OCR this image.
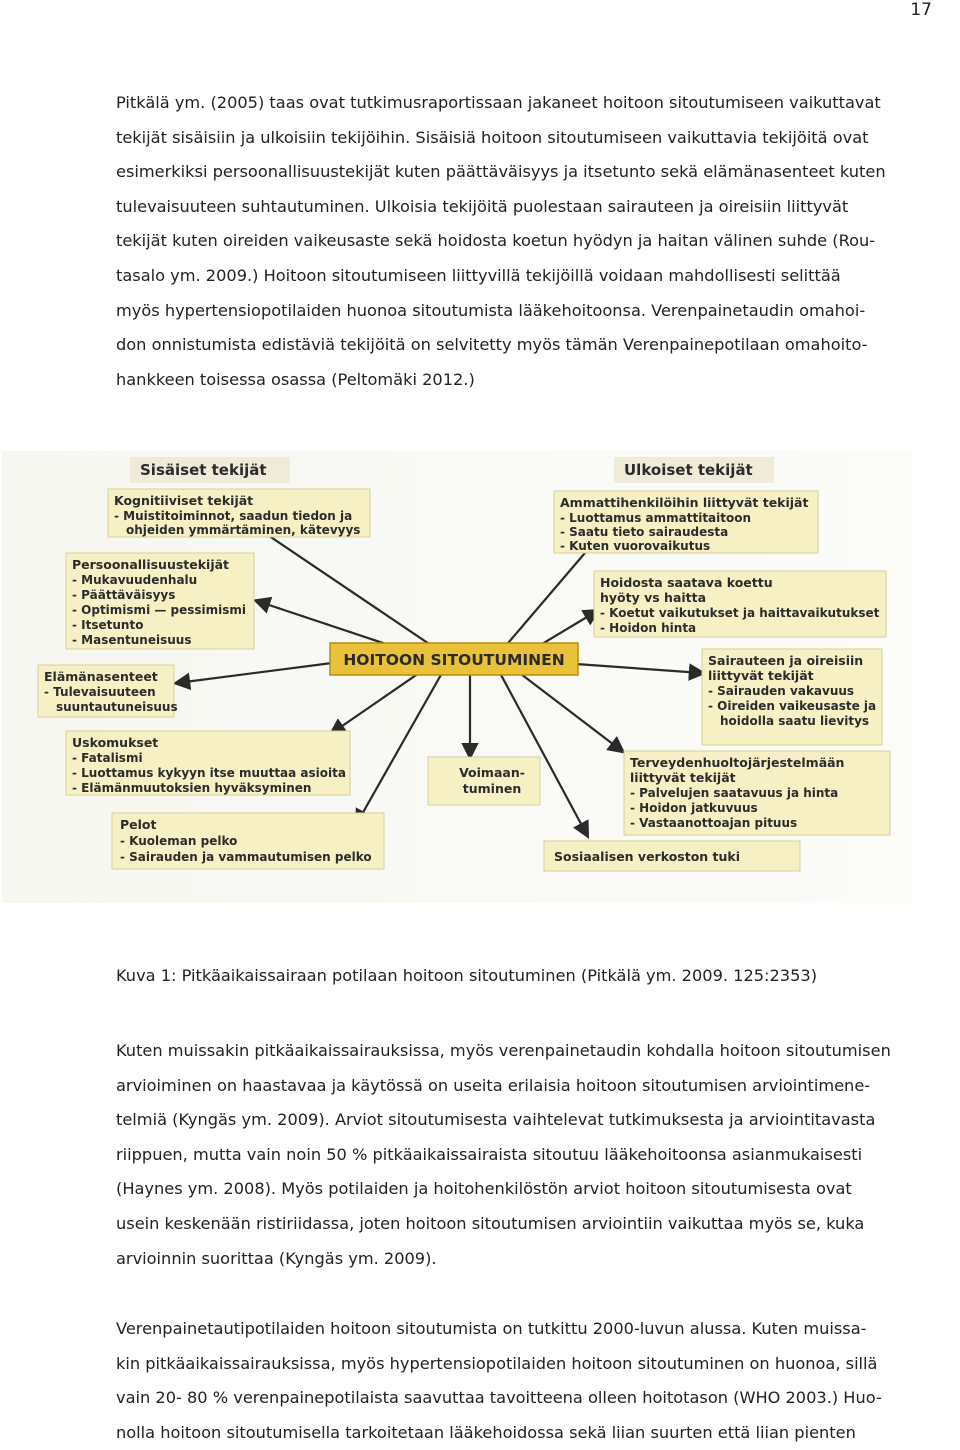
17

Pitkälä ym. (2005) taas ovat tutkimusraportissaan jakaneet hoitoon sitoutumiseen vaikuttavat
tekijät sisäisiin ja ulkoisiin tekijöihin. Sisäisiä hoitoon sitoutumiseen vaikuttavia tekijöitä ovat
esimerkiksi persoonallisuustekijät kuten päättäväisyys ja itsetunto sekä elämänasenteet kuten
tulevaisuuteen suhtautuminen. Ulkoisia tekijöitä puolestaan sairauteen ja oireisiin liittyvät
tekijät kuten oireiden vaikeusaste sekä hoidosta koetun hyödyn ja haitan välinen suhde (Rou-
tasalo ym. 2009.) Hoitoon sitoutumiseen liittyvillä tekijöillä voidaan mahdollisesti selittää
myös hypertensiopotilaiden huonoa sitoutumista lääkehoitoonsa. Verenpainetaudin omahoi-
don onnistumista edistäviä tekijöitä on selvitetty myös tämän Verenpainepotilaan omahoito-
hankkeen toisessa osassa (Peltomäki 2012.)

Sisäiset tekijät	Ulkoiset tekijät
HOITOON SITOUTUMINEN
Kognitiiviset tekijät
- Muistitoiminnot, saadun tiedon ja
ohjeiden ymmärtäminen, kätevyys
Persoonallisuustekijät
- Mukavuudenhalu
- Päättäväisyys
- Optimismi — pessimismi
- Itsetunto
- Masentuneisuus
Elämänasenteet
- Tulevaisuuteen
suuntautuneisuus
Uskomukset
- Fatalismi
- Luottamus kykyyn itse muuttaa asioita
- Elämänmuutoksien hyväksyminen
Pelot
- Kuoleman pelko
- Sairauden ja vammautumisen pelko
Voimaan-
tuminen
Ammattihenkilöihin liittyvät tekijät
- Luottamus ammattitaitoon
- Saatu tieto sairaudesta
- Kuten vuorovaikutus
Hoidosta saatava koettu
hyöty vs haitta
- Koetut vaikutukset ja haittavaikutukset
- Hoidon hinta
Sairauteen ja oireisiin
liittyvät tekijät
- Sairauden vakavuus
- Oireiden vaikeusaste ja
hoidolla saatu lievitys
Terveydenhuoltojärjestelmään
liittyvät tekijät
- Palvelujen saatavuus ja hinta
- Hoidon jatkuvuus
- Vastaanottoajan pituus
Sosiaalisen verkoston tuki
Kuva 1: Pitkäaikaissairaan potilaan hoitoon sitoutuminen (Pitkälä ym. 2009. 125:2353)

Kuten muissakin pitkäaikaissairauksissa, myös verenpainetaudin kohdalla hoitoon sitoutumisen
arvioiminen on haastavaa ja käytössä on useita erilaisia hoitoon sitoutumisen arviointimene-
telmiä (Kyngäs ym. 2009). Arviot sitoutumisesta vaihtelevat tutkimuksesta ja arviointitavasta
riippuen, mutta vain noin 50 % pitkäaikaissairaista sitoutuu lääkehoitoonsa asianmukaisesti
(Haynes ym. 2008). Myös potilaiden ja hoitohenkilöstön arviot hoitoon sitoutumisesta ovat
usein keskenään ristiriidassa, joten hoitoon sitoutumisen arviointiin vaikuttaa myös se, kuka
arvioinnin suorittaa (Kyngäs ym. 2009).

Verenpainetautipotilaiden hoitoon sitoutumista on tutkittu 2000-luvun alussa. Kuten muissa-
kin pitkäaikaissairauksissa, myös hypertensiopotilaiden hoitoon sitoutuminen on huonoa, sillä
vain 20- 80 % verenpainepotilaista saavuttaa tavoitteena olleen hoitotason (WHO 2003.) Huo-
nolla hoitoon sitoutumisella tarkoitetaan lääkehoidossa sekä liian suurten että liian pienten
